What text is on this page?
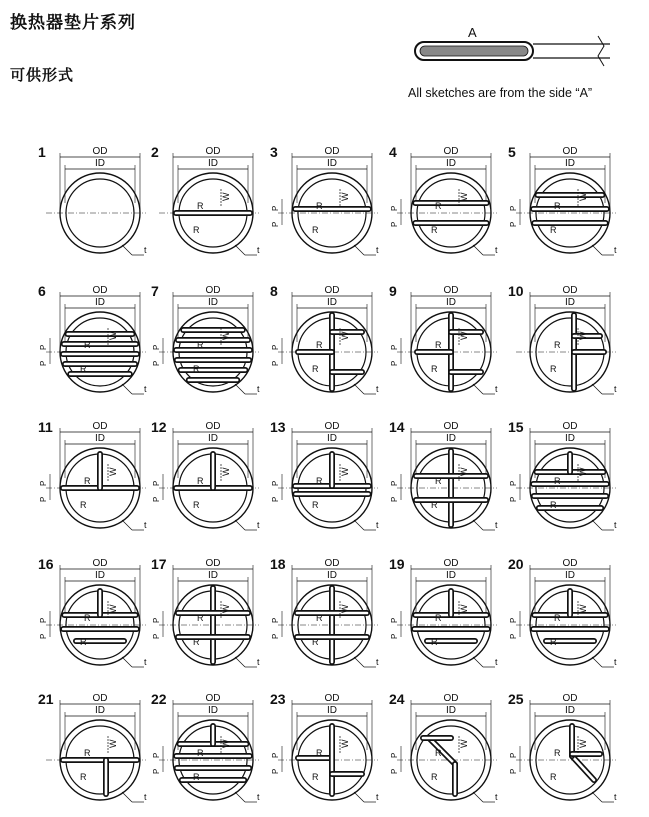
换热器垫片系列
可供形式
All sketches are from the side “A”
A
1	OD
ID
t
2	OD
ID
t
W
R
R
3	OD
ID
t
W
R
R
P
P
4	OD
ID
t
W
R
R
P
P
5	OD
ID
t
W
R
R
P
P
6	OD
ID
t
W
R
R
P
P
7	OD
ID
t
W
R
R
P
P
8	OD
ID
t
W
R
R
P
P
9	OD
ID
t
W
R
R
P
P
10	OD
ID
t
W
R
R
11	OD
ID
t
W
R
R
P
P
12	OD
ID
t
W
R
R
P
P
13	OD
ID
t
W
R
R
P
P
14	OD
ID
t
W
R
R
P
P
15	OD
ID
t
W
R
R
P
P
16	OD
ID
t
W
R
R
P
P
17	OD
ID
t
W
R
R
P
P
18	OD
ID
t
W
R
R
P
P
19	OD
ID
t
W
R
R
P
P
20	OD
ID
t
W
R
R
P
P
21	OD
ID
t
W
R
R
22	OD
ID
t
W
R
R
P
P
23	OD
ID
t
W
R
R
P
P
24	OD
ID
t
W
R
R
P
P
25	OD
ID
t
W
R
R
P
P
